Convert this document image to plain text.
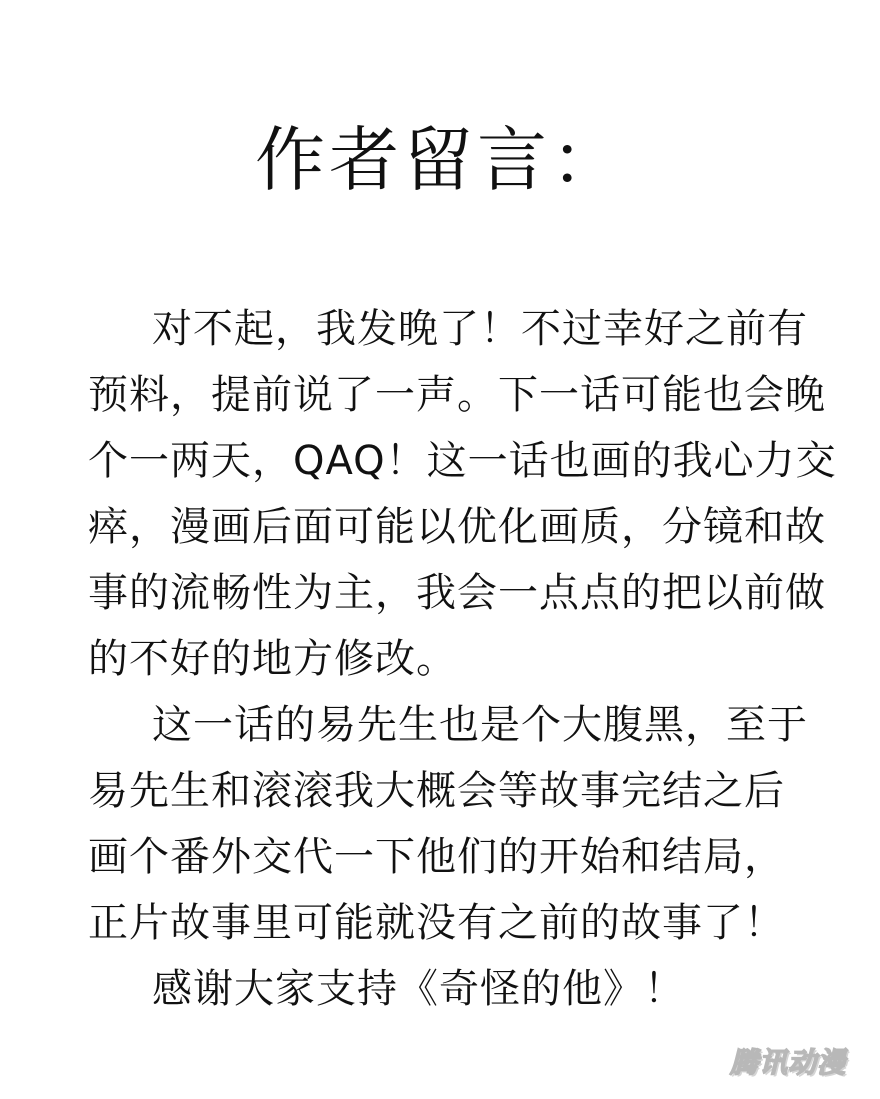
作者留言：
对不起，我发晚了！不过幸好之前有
预料，提前说了一声。下一话可能也会晚
个一两天，QAQ！这一话也画的我心力交
瘁，漫画后面可能以优化画质，分镜和故
事的流畅性为主，我会一点点的把以前做
的不好的地方修改。
这一话的易先生也是个大腹黑，至于
易先生和滚滚我大概会等故事完结之后
画个番外交代一下他们的开始和结局，
正片故事里可能就没有之前的故事了！
感谢大家支持《奇怪的他》！
腾讯动漫
